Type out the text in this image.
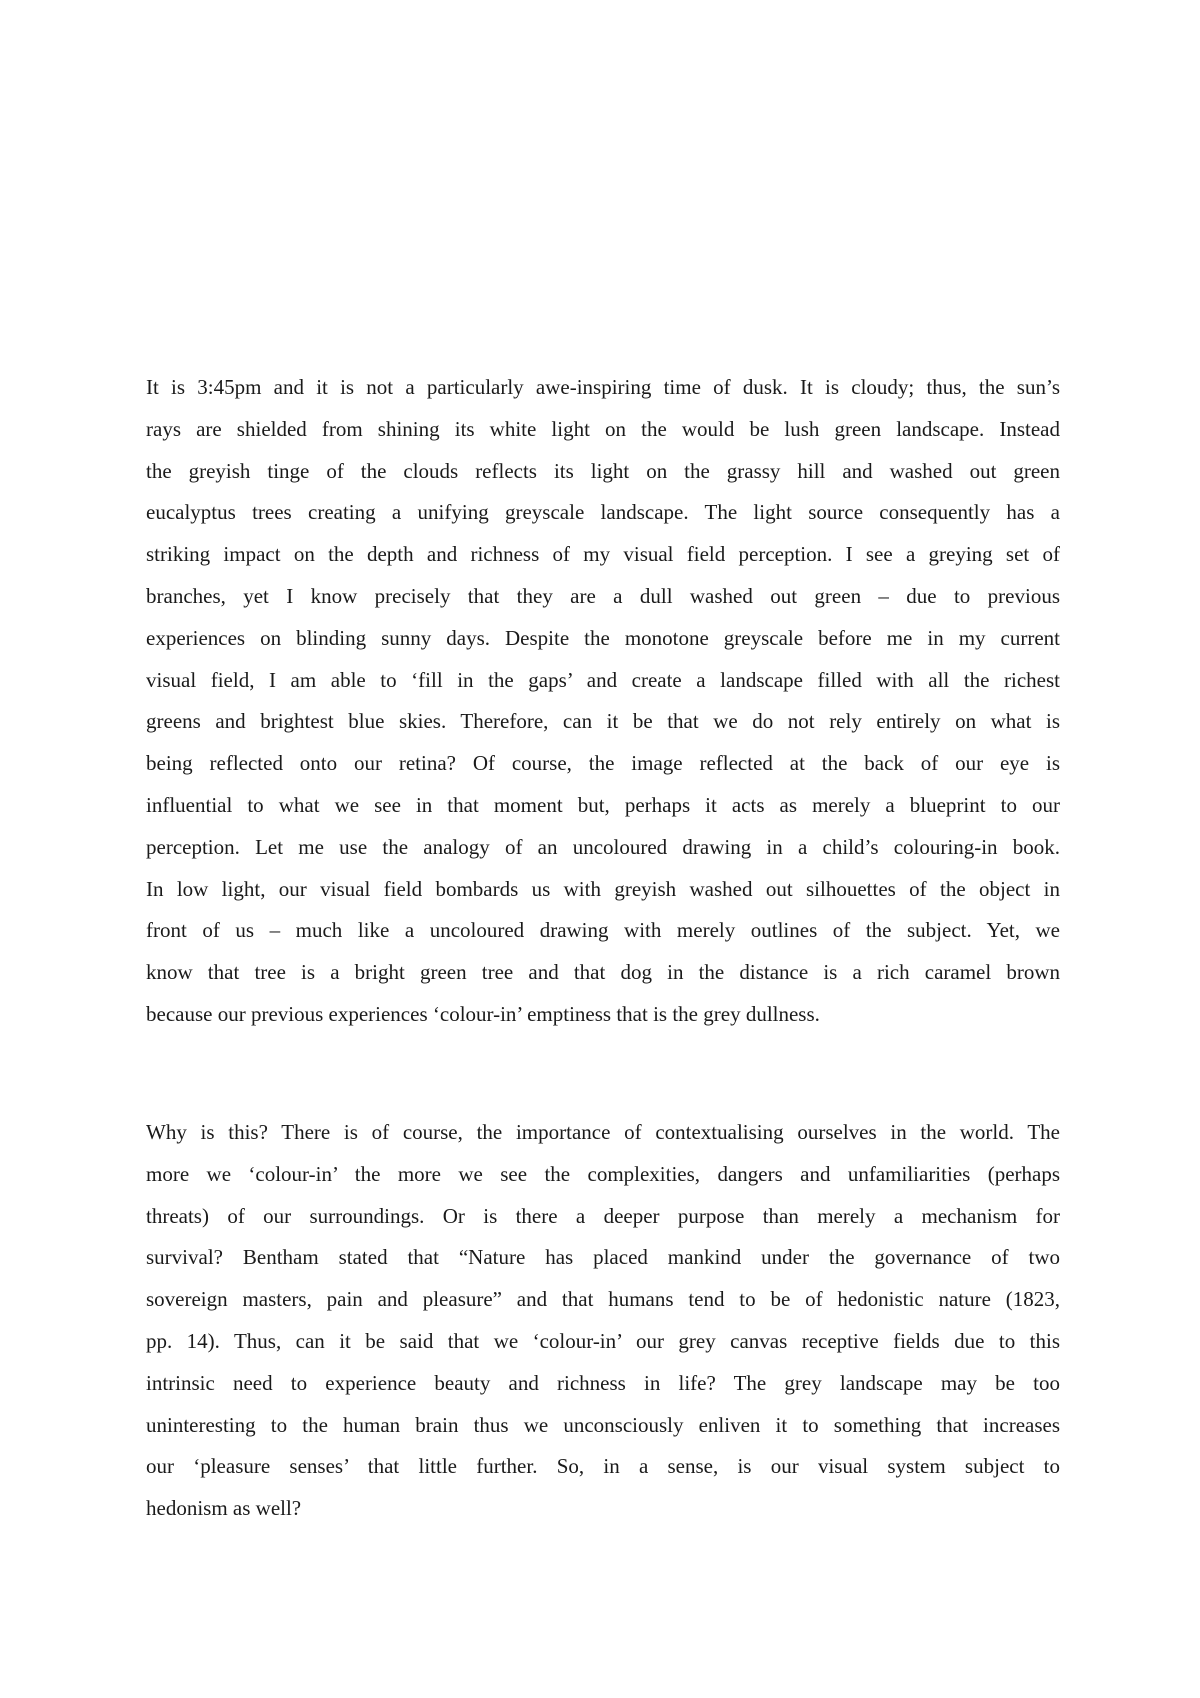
It is 3:45pm and it is not a particularly awe-inspiring time of dusk. It is cloudy; thus, the sun’s
rays are shielded from shining its white light on the would be lush green landscape. Instead
the greyish tinge of the clouds reflects its light on the grassy hill and washed out green
eucalyptus trees creating a unifying greyscale landscape. The light source consequently has a
striking impact on the depth and richness of my visual field perception. I see a greying set of
branches, yet I know precisely that they are a dull washed out green – due to previous
experiences on blinding sunny days. Despite the monotone greyscale before me in my current
visual field, I am able to ‘fill in the gaps’ and create a landscape filled with all the richest
greens and brightest blue skies. Therefore, can it be that we do not rely entirely on what is
being reflected onto our retina? Of course, the image reflected at the back of our eye is
influential to what we see in that moment but, perhaps it acts as merely a blueprint to our
perception. Let me use the analogy of an uncoloured drawing in a child’s colouring-in book.
In low light, our visual field bombards us with greyish washed out silhouettes of the object in
front of us – much like a uncoloured drawing with merely outlines of the subject. Yet, we
know that tree is a bright green tree and that dog in the distance is a rich caramel brown
because our previous experiences ‘colour-in’ emptiness that is the grey dullness.

Why is this? There is of course, the importance of contextualising ourselves in the world. The
more we ‘colour-in’ the more we see the complexities, dangers and unfamiliarities (perhaps
threats) of our surroundings. Or is there a deeper purpose than merely a mechanism for
survival? Bentham stated that “Nature has placed mankind under the governance of two
sovereign masters, pain and pleasure” and that humans tend to be of hedonistic nature (1823,
pp. 14). Thus, can it be said that we ‘colour-in’ our grey canvas receptive fields due to this
intrinsic need to experience beauty and richness in life? The grey landscape may be too
uninteresting to the human brain thus we unconsciously enliven it to something that increases
our ‘pleasure senses’ that little further. So, in a sense, is our visual system subject to
hedonism as well?
